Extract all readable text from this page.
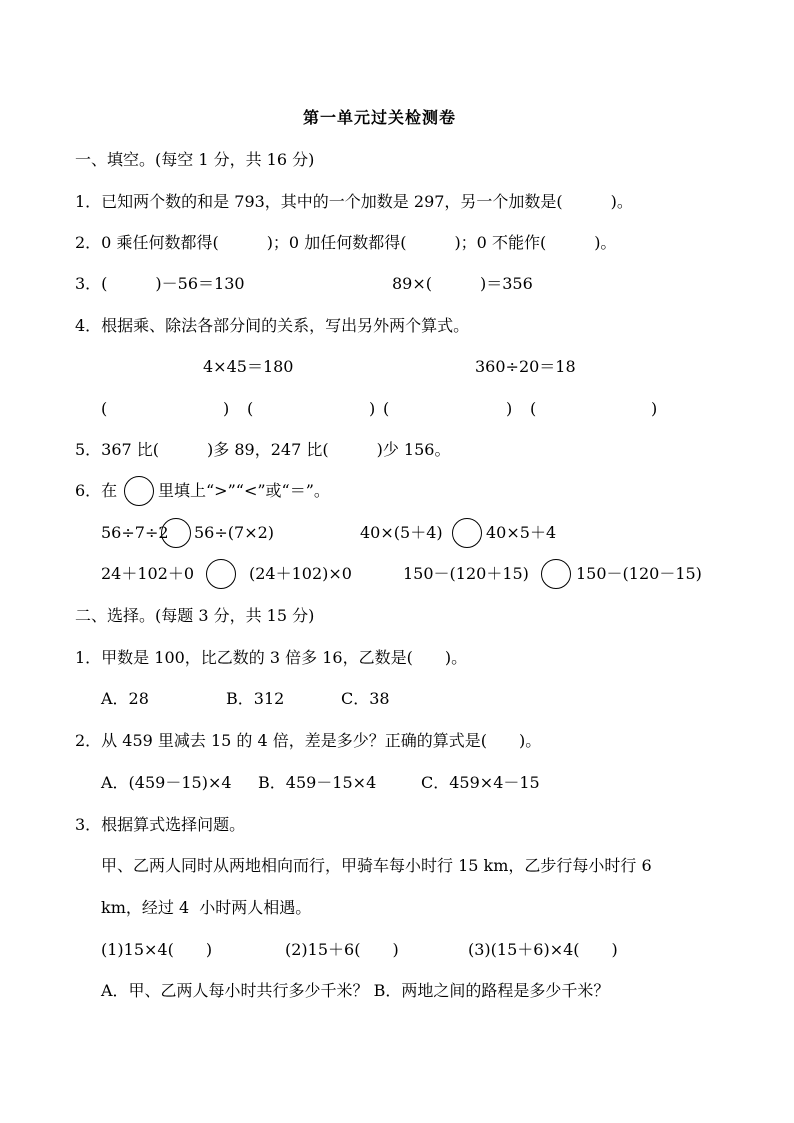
第一单元过关检测卷
一、填空。(每空 1 分，共 16 分)
1．已知两个数的和是 793，其中的一个加数是 297，另一个加数是(　　　)。
2．0 乘任何数都得(　　　)；0 加任何数都得(　　　)；0 不能作(　　　)。
3．(　　　)－56＝130	89×(　　　)＝356
4．根据乘、除法各部分间的关系，写出另外两个算式。
4×45＝180	360÷20＝18
(	) (	) (	) (	)
5．367 比(　　　)多 89，247 比(　　　)少 156。
6．在	里填上“>”“<”或“＝”。
56÷7÷2 56÷(7×2)	40×(5＋4)	40×5＋4
24＋102＋0	(24＋102)×0	150－(120＋15)	150－(120－15)
二、选择。(每题 3 分，共 15 分)
1．甲数是 100，比乙数的 3 倍多 16，乙数是(　　)。
A．28	B．312	C．38
2．从 459 里减去 15 的 4 倍，差是多少？正确的算式是(　　)。
A．(459－15)×4 B．459－15×4	C．459×4－15
3．根据算式选择问题。
甲、乙两人同时从两地相向而行，甲骑车每小时行 15 km，乙步行每小时行 6
km，经过 4  小时两人相遇。
(1)15×4(　　)	(2)15＋6(　　)	(3)(15＋6)×4(　　)
A．甲、乙两人每小时共行多少千米？ B．两地之间的路程是多少千米？
